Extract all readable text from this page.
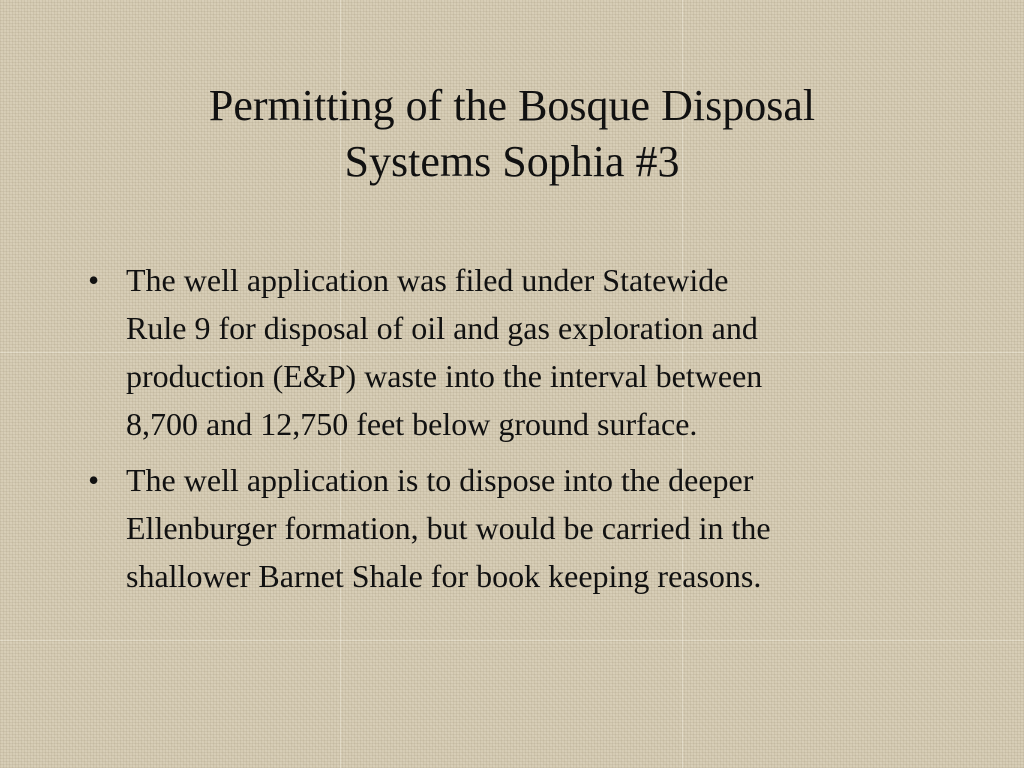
Permitting of the Bosque Disposal
Systems Sophia #3
• The well application was filed under Statewide
Rule 9 for disposal of oil and gas exploration and
production (E&P) waste into the interval between
8,700 and 12,750 feet below ground surface.
• The well application is to dispose into the deeper
Ellenburger formation, but would be carried in the
shallower Barnet Shale for book keeping reasons.
